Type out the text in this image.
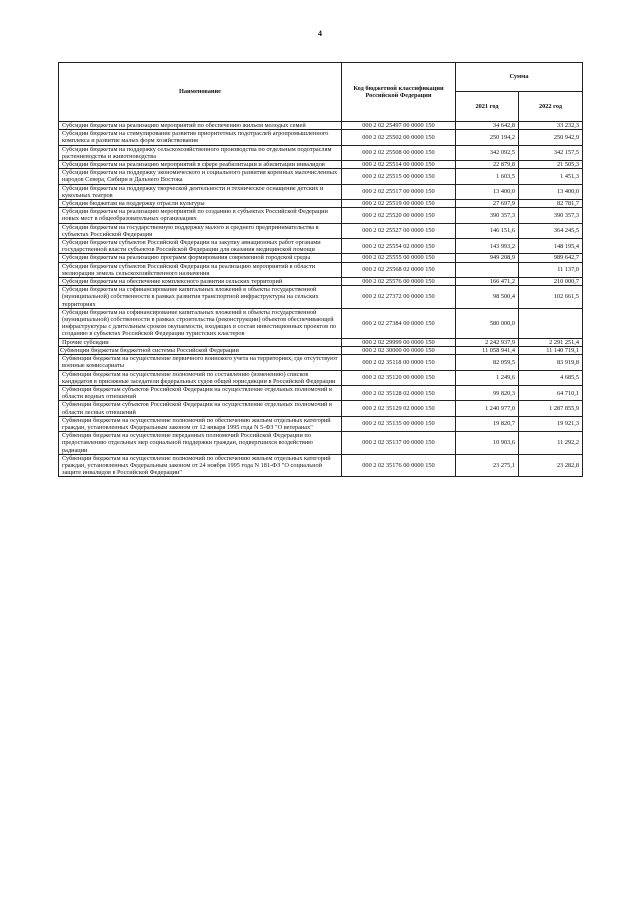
4
Наименование	Код бюджетной классификации Российской Федерации	Сумма	
		2021 год	2022 год
Субсидии бюджетам на реализацию мероприятий по обеспечению жильем молодых семей	000 2 02 25497 00 0000 150	34 642,8	33 232,3
Субсидии бюджетам на стимулирование развития приоритетных подотраслей агропромышленного комплекса и развитие малых форм хозяйствования	000 2 02 25502 00 0000 150	250 194,2	250 942,9
Субсидии бюджетам на поддержку сельскохозяйственного производства по отдельным подотраслям растениеводства и животноводства	000 2 02 25508 00 0000 150	342 092,5	342 157,5
Субсидии бюджетам на реализацию мероприятий в сфере реабилитации и абилитации инвалидов	000 2 02 25514 00 0000 150	22 879,8	21 505,3
Субсидии бюджетам на поддержку экономического и социального развития коренных малочисленных народов Севера, Сибири и Дальнего Востока	000 2 02 25515 00 0000 150	1 603,5	1 451,3
Субсидии бюджетам на поддержку творческой деятельности и техническое оснащение детских и кукольных театров	000 2 02 25517 00 0000 150	13 400,0	13 400,0
Субсидия бюджетам на поддержку отрасли культуры	000 2 02 25519 00 0000 150	27 697,9	82 781,7
Субсидии бюджетам на реализацию мероприятий по созданию в субъектах Российской Федерации новых мест в общеобразовательных организациях	000 2 02 25520 00 0000 150	390 357,3	390 357,3
Субсидии бюджетам на государственную поддержку малого и среднего предпринимательства в субъектах Российской Федерации	000 2 02 25527 00 0000 150	146 151,6	364 245,5
Субсидии бюджетам субъектов Российской Федерации на закупку авиационных работ органами государственной власти субъектов Российской Федерации для оказания медицинской помощи	000 2 02 25554 02 0000 150	143 993,2	148 195,4
Субсидии бюджетам на реализацию программ формирования современной городской среды	000 2 02 25555 00 0000 150	949 208,9	989 642,7
Субсидии бюджетам субъектов Российской Федерации на реализацию мероприятий в области мелиорации земель сельскохозяйственного назначения	000 2 02 25568 02 0000 150		11 137,0
Субсидии бюджетам на обеспечение комплексного развития сельских территорий	000 2 02 25576 00 0000 150	166 471,2	210 000,7
Субсидии бюджетам на софинансирование капитальных вложений в объекты государственной (муниципальной) собственности в рамках развития транспортной инфраструктуры на сельских территориях	000 2 02 27372 00 0000 150	98 500,4	102 661,5
Субсидии бюджетам на софинансирование капитальных вложений в объекты государственной (муниципальной) собственности в рамках строительства (реконструкции) объектов обеспечивающей инфраструктуры с длительным сроком окупаемости, входящих в состав инвестиционных проектов по созданию в субъектах Российской Федерации туристских кластеров	000 2 02 27384 00 0000 150	580 000,0	
Прочие субсидии	000 2 02 29999 00 0000 150	2 242 937,9	2 291 251,4
Субвенции бюджетам бюджетной системы Российской Федерации	000 2 02 30000 00 0000 150	11 058 941,4	11 140 719,1
Субвенции бюджетам на осуществление первичного воинского учета на территориях, где отсутствуют военные комиссариаты	000 2 02 35118 00 0000 150	82 059,5	83 919,8
Субвенции бюджетам на осуществление полномочий по составлению (изменению) списков кандидатов в присяжные заседатели федеральных судов общей юрисдикции в Российской Федерации	000 2 02 35120 00 0000 150	1 249,6	4 685,5
Субвенции бюджетам субъектов Российской Федерации на осуществление отдельных полномочий в области водных отношений	000 2 02 35128 02 0000 150	99 820,3	64 710,1
Субвенции бюджетам субъектов Российской Федерации на осуществление отдельных полномочий в области лесных отношений	000 2 02 35129 02 0000 150	1 240 977,0	1 287 855,9
Субвенции бюджетам на осуществление полномочий по обеспечению жильем отдельных категорий граждан, установленных Федеральным законом от 12 января 1995 года N 5-ФЗ "О ветеранах"	000 2 02 35135 00 0000 150	19 820,7	19 921,3
Субвенции бюджетам на осуществление переданных полномочий Российской Федерации по предоставлению отдельных мер социальной поддержки граждан, подвергшихся воздействию радиации	000 2 02 35137 00 0000 150	10 903,6	11 292,2
Субвенции бюджетам на осуществление полномочий по обеспечению жильем отдельных категорий граждан, установленных Федеральным законом от 24 ноября 1995 года N 181-ФЗ "О социальной защите инвалидов в Российской Федерации"	000 2 02 35176 00 0000 150	23 275,1	23 282,8
